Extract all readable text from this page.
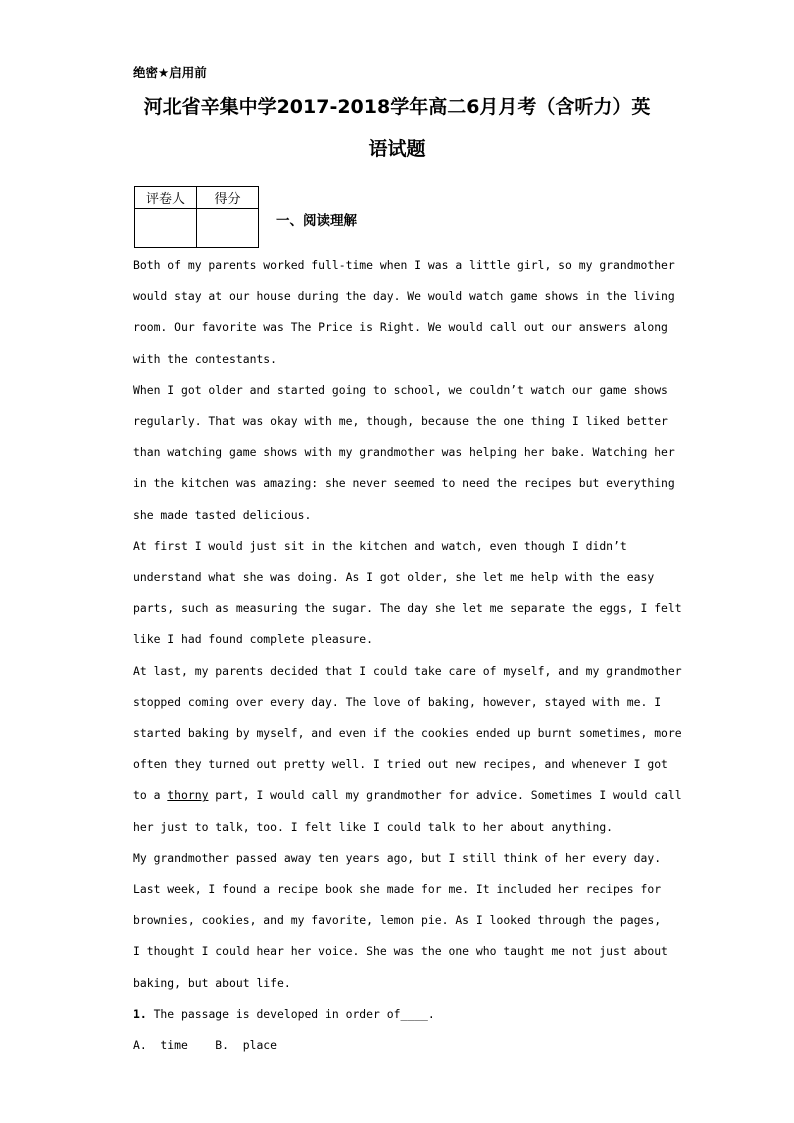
绝密★启用前
河北省辛集中学2017-2018学年高二6月月考（含听力）英
语试题
评卷人	得分

一、阅读理解
Both of my parents worked full-time when I was a little girl, so my grandmother
would stay at our house during the day. We would watch game shows in the living
room. Our favorite was The Price is Right. We would call out our answers along
with the contestants.
When I got older and started going to school, we couldn’t watch our game shows
regularly. That was okay with me, though, because the one thing I liked better
than watching game shows with my grandmother was helping her bake. Watching her
in the kitchen was amazing: she never seemed to need the recipes but everything
she made tasted delicious.
At first I would just sit in the kitchen and watch, even though I didn’t
understand what she was doing. As I got older, she let me help with the easy
parts, such as measuring the sugar. The day she let me separate the eggs, I felt
like I had found complete pleasure.
At last, my parents decided that I could take care of myself, and my grandmother
stopped coming over every day. The love of baking, however, stayed with me. I
started baking by myself, and even if the cookies ended up burnt sometimes, more
often they turned out pretty well. I tried out new recipes, and whenever I got
to a thorny part, I would call my grandmother for advice. Sometimes I would call
her just to talk, too. I felt like I could talk to her about anything.
My grandmother passed away ten years ago, but I still think of her every day.
Last week, I found a recipe book she made for me. It included her recipes for
brownies, cookies, and my favorite, lemon pie. As I looked through the pages,
I thought I could hear her voice. She was the one who taught me not just about
baking, but about life.
1. The passage is developed in order of____.
A.  time    B.  place
